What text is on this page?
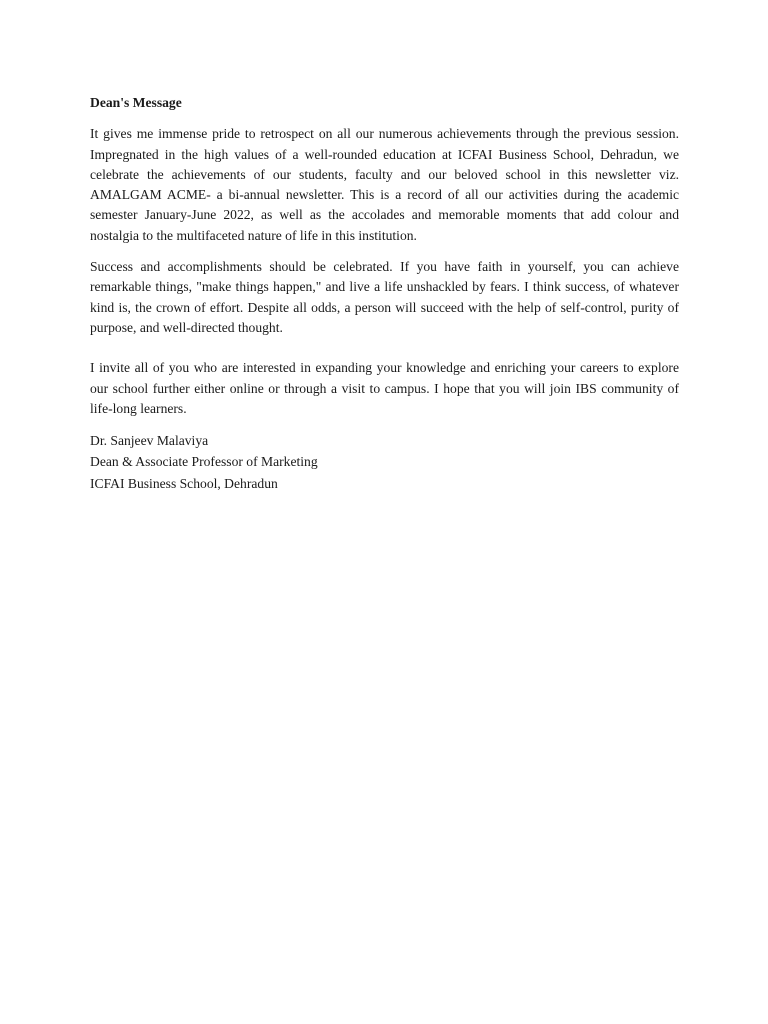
Dean's Message

It gives me immense pride to retrospect on all our numerous achievements through the previous session. Impregnated in the high values of a well-rounded education at ICFAI Business School, Dehradun, we celebrate the achievements of our students, faculty and our beloved school in this newsletter viz. AMALGAM ACME- a bi-annual newsletter. This is a record of all our activities during the academic semester January-June 2022, as well as the accolades and memorable moments that add colour and nostalgia to the multifaceted nature of life in this institution.

Success and accomplishments should be celebrated. If you have faith in yourself, you can achieve remarkable things, "make things happen," and live a life unshackled by fears. I think success, of whatever kind is, the crown of effort. Despite all odds, a person will succeed with the help of self-control, purity of purpose, and well-directed thought.

I invite all of you who are interested in expanding your knowledge and enriching your careers to explore our school further either online or through a visit to campus. I hope that you will join IBS community of life-long learners.

Dr. Sanjeev Malaviya
Dean & Associate Professor of Marketing
ICFAI Business School, Dehradun
